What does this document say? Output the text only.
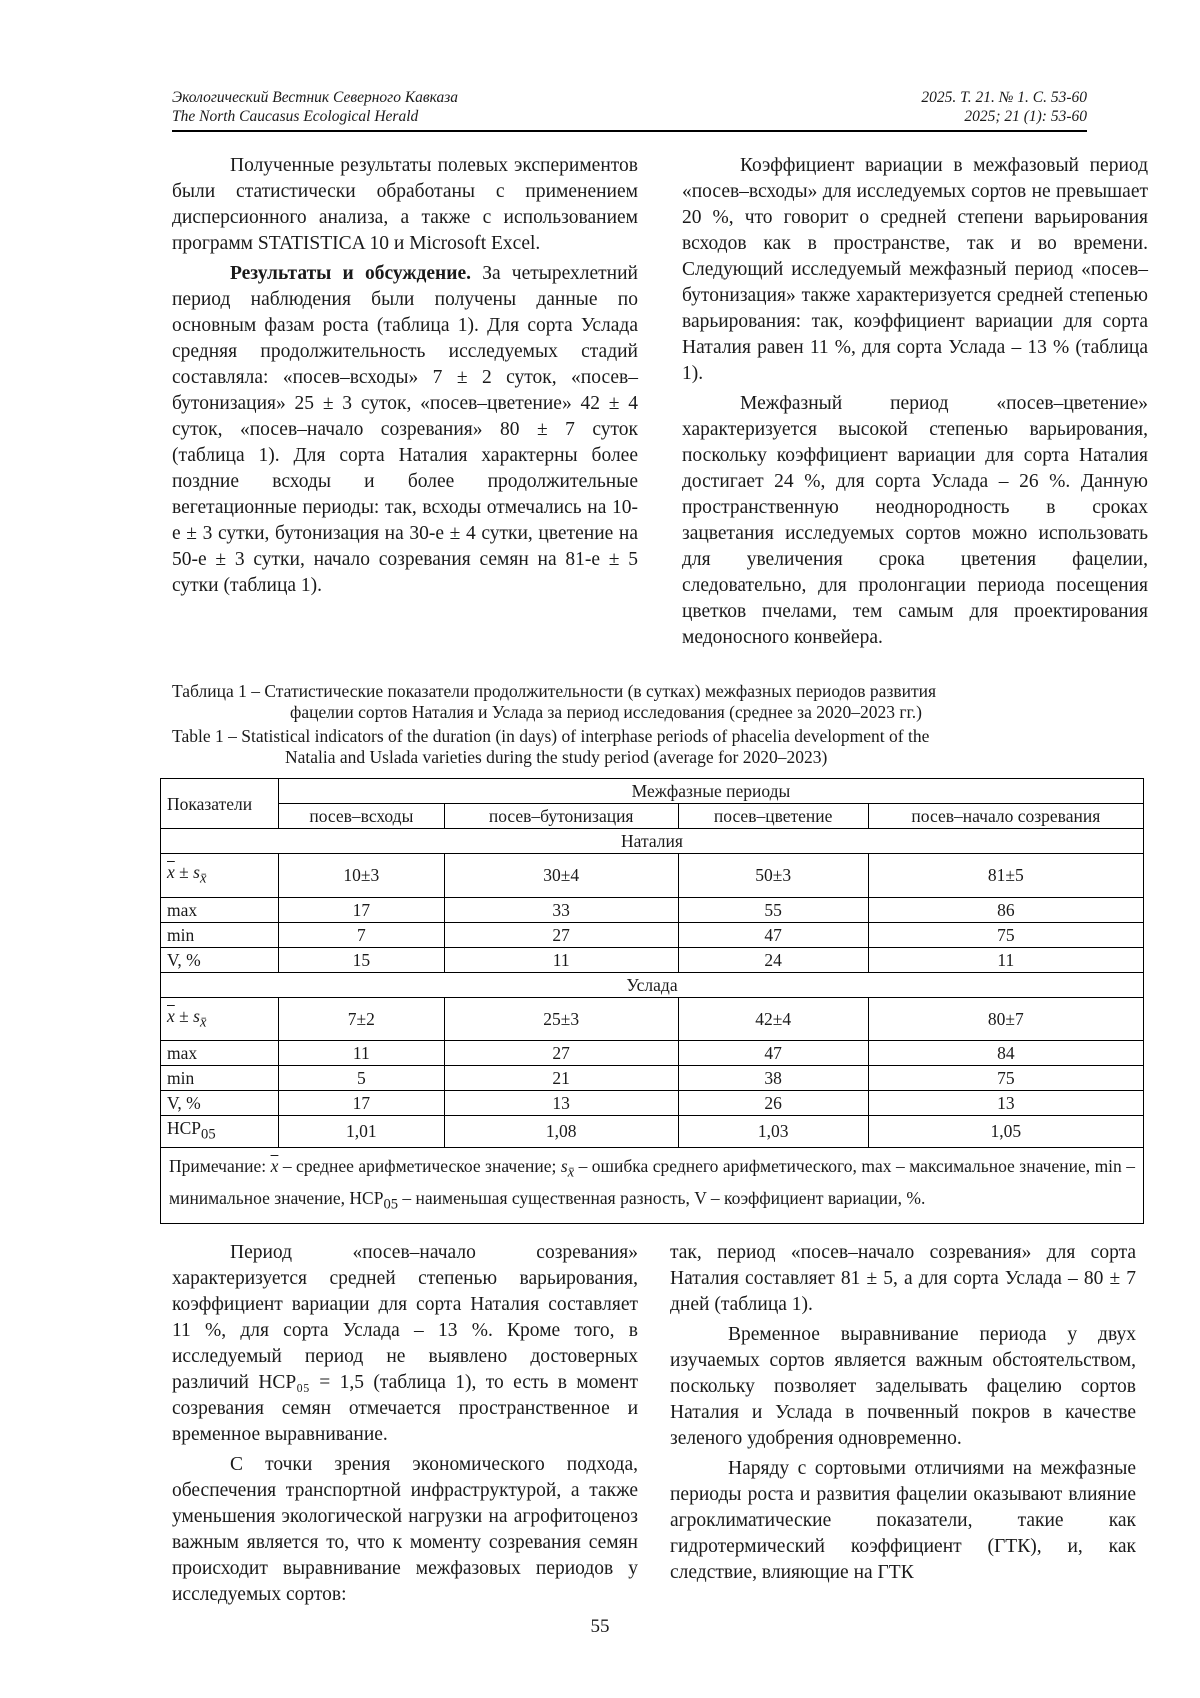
Экологический Вестник Северного Кавказа	2025. Т. 21. № 1. С. 53-60
The North Caucasus Ecological Herald	2025; 21 (1): 53-60

Полученные результаты полевых экспериментов были статистически обработаны с применением дисперсионного анализа, а также с использованием программ STATISTICA 10 и Microsoft Excel.

Результаты и обсуждение. За четырехлетний период наблюдения были получены данные по основным фазам роста (таблица 1). Для сорта Услада средняя продолжительность исследуемых стадий составляла: «посев–всходы» 7 ± 2 суток, «посев–бутонизация» 25 ± 3 суток, «посев–цветение» 42 ± 4 суток, «посев–начало созревания» 80 ± 7 суток (таблица 1). Для сорта Наталия характерны более поздние всходы и более продолжительные вегетационные периоды: так, всходы отмечались на 10-е ± 3 сутки, бутонизация на 30-е ± 4 сутки, цветение на 50-е ± 3 сутки, начало созревания семян на 81-е ± 5 сутки (таблица 1).

Коэффициент вариации в межфазовый период «посев–всходы» для исследуемых сортов не превышает 20 %, что говорит о средней степени варьирования всходов как в пространстве, так и во времени. Следующий исследуемый межфазный период «посев–бутонизация» также характеризуется средней степенью варьирования: так, коэффициент вариации для сорта Наталия равен 11 %, для сорта Услада – 13 % (таблица 1).

Межфазный период «посев–цветение» характеризуется высокой степенью варьирования, поскольку коэффициент вариации для сорта Наталия достигает 24 %, для сорта Услада – 26 %. Данную пространственную неоднородность в сроках зацветания исследуемых сортов можно использовать для увеличения срока цветения фацелии, следовательно, для пролонгации периода посещения цветков пчелами, тем самым для проектирования медоносного конвейера.

Таблица 1 – Статистические показатели продолжительности (в сутках) межфазных периодов развития
фацелии сортов Наталия и Услада за период исследования (среднее за 2020–2023 гг.)
Table 1 – Statistical indicators of the duration (in days) of interphase periods of phacelia development of the
Natalia and Uslada varieties during the study period (average for 2020–2023)
Показатели	Межфазные периоды			
	посев–всходы	посев–бутонизация	посев–цветение	посев–начало созревания
Наталия				
$\overline{x} \pm s_{x̄}$	10±3	30±4	50±3	81±5
max	17	33	55	86
min	7	27	47	75
V, %	15	11	24	11
Услада				
$\overline{x} \pm s_{x̄}$	7±2	25±3	42±4	80±7
max	11	27	47	84
min	5	21	38	75
V, %	17	13	26	13
$НСР_{05}$	1,01	1,08	1,03	1,05
Примечание: $\overline{x}$ – среднее арифметическое значение; $s_{x̄}$ – ошибка среднего арифметического, max – максимальное значение, min – минимальное значение, $НСР_{05}$ – наименьшая существенная разность, V – коэффициент вариации, %.				

Период «посев–начало созревания» характеризуется средней степенью варьирования, коэффициент вариации для сорта Наталия составляет 11 %, для сорта Услада – 13 %. Кроме того, в исследуемый период не выявлено достоверных различий НСР₀₅ = 1,5 (таблица 1), то есть в момент созревания семян отмечается пространственное и временное выравнивание.

С точки зрения экономического подхода, обеспечения транспортной инфраструктурой, а также уменьшения экологической нагрузки на агрофитоценоз важным является то, что к моменту созревания семян происходит выравнивание межфазовых периодов у исследуемых сортов:

так, период «посев–начало созревания» для сорта Наталия составляет 81 ± 5, а для сорта Услада – 80 ± 7 дней (таблица 1).

Временное выравнивание периода у двух изучаемых сортов является важным обстоятельством, поскольку позволяет заделывать фацелию сортов Наталия и Услада в почвенный покров в качестве зеленого удобрения одновременно.

Наряду с сортовыми отличиями на межфазные периоды роста и развития фацелии оказывают влияние агроклиматические показатели, такие как гидротермический коэффициент (ГТК), и, как следствие, влияющие на ГТК

55
